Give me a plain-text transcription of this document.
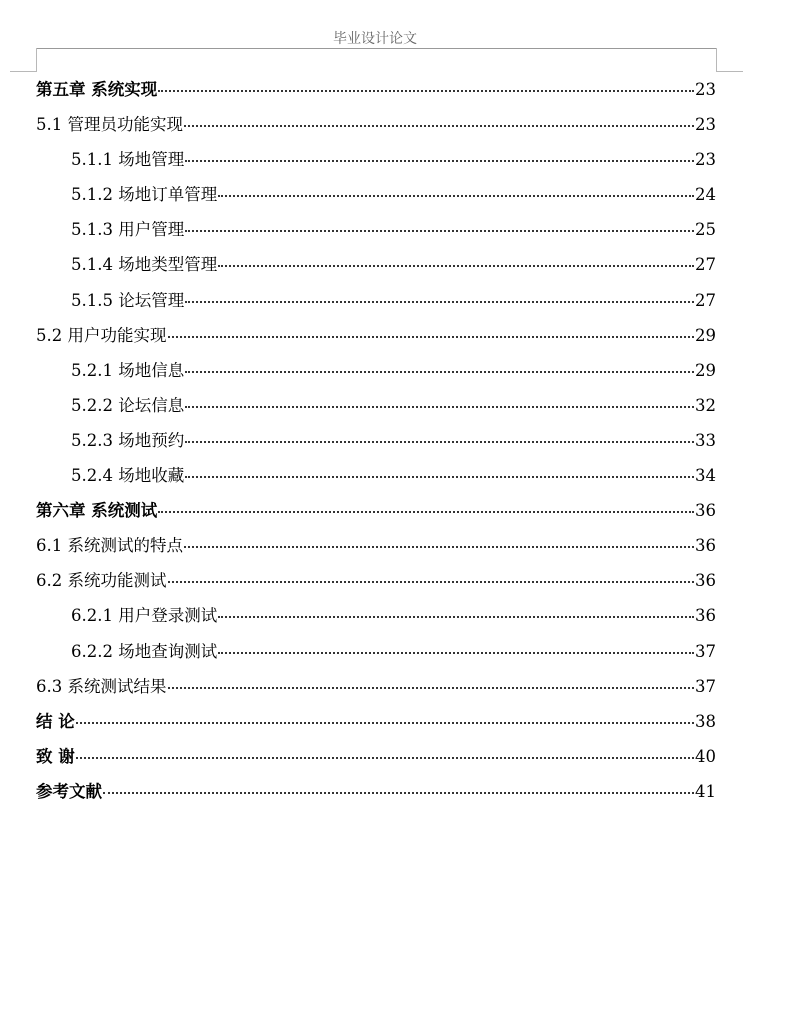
毕业设计论文
第五章 系统实现	23
5.1 管理员功能实现	23
5.1.1 场地管理	23
5.1.2 场地订单管理	24
5.1.3 用户管理	25
5.1.4 场地类型管理	27
5.1.5 论坛管理	27
5.2 用户功能实现	29
5.2.1 场地信息	29
5.2.2 论坛信息	32
5.2.3 场地预约	33
5.2.4 场地收藏	34
第六章 系统测试	36
6.1 系统测试的特点	36
6.2 系统功能测试	36
6.2.1 用户登录测试	36
6.2.2 场地查询测试	37
6.3 系统测试结果	37
结 论	38
致 谢	40
参考文献	41
